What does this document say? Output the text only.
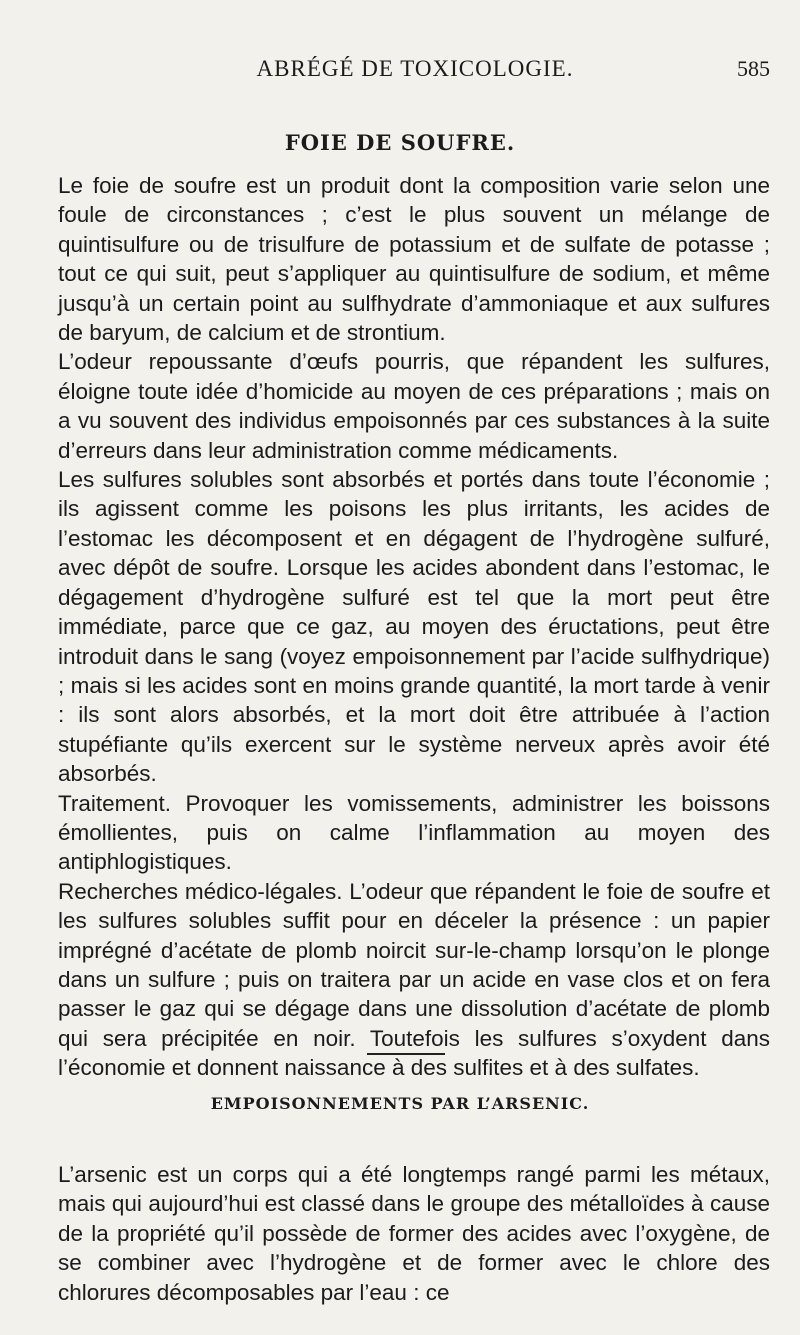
ABRÉGÉ DE TOXICOLOGIE.	585
FOIE DE SOUFRE.

Le foie de soufre est un produit dont la composition varie selon une foule de circonstances ; c’est le plus souvent un mélange de quintisulfure ou de trisulfure de potassium et de sulfate de potasse ; tout ce qui suit, peut s’appliquer au quintisulfure de sodium, et même jusqu’à un certain point au sulfhydrate d’ammoniaque et aux sulfures de baryum, de calcium et de strontium.

L’odeur repoussante d’œufs pourris, que répandent les sulfures, éloigne toute idée d’homicide au moyen de ces préparations ; mais on a vu souvent des individus empoisonnés par ces substances à la suite d’erreurs dans leur administration comme médicaments.

Les sulfures solubles sont absorbés et portés dans toute l’économie ; ils agissent comme les poisons les plus irritants, les acides de l’estomac les décomposent et en dégagent de l’hydrogène sulfuré, avec dépôt de soufre. Lorsque les acides abondent dans l’estomac, le dégagement d’hydrogène sulfuré est tel que la mort peut être immédiate, parce que ce gaz, au moyen des éructations, peut être introduit dans le sang (voyez empoisonnement par l’acide sulfhydrique) ; mais si les acides sont en moins grande quantité, la mort tarde à venir : ils sont alors absorbés, et la mort doit être attribuée à l’action stupéfiante qu’ils exercent sur le système nerveux après avoir été absorbés.

Traitement. Provoquer les vomissements, administrer les boissons émollientes, puis on calme l’inflammation au moyen des antiphlogistiques.

Recherches médico-légales. L’odeur que répandent le foie de soufre et les sulfures solubles suffit pour en déceler la présence : un papier imprégné d’acétate de plomb noircit sur-le-champ lorsqu’on le plonge dans un sulfure ; puis on traitera par un acide en vase clos et on fera passer le gaz qui se dégage dans une dissolution d’acétate de plomb qui sera précipitée en noir. Toutefois les sulfures s’oxydent dans l’économie et donnent naissance à des sulfites et à des sulfates.

EMPOISONNEMENTS PAR L’ARSENIC.

L’arsenic est un corps qui a été longtemps rangé parmi les métaux, mais qui aujourd’hui est classé dans le groupe des métalloïdes à cause de la propriété qu’il possède de former des acides avec l’oxygène, de se combiner avec l’hydrogène et de former avec le chlore des chlorures décomposables par l’eau : ce
